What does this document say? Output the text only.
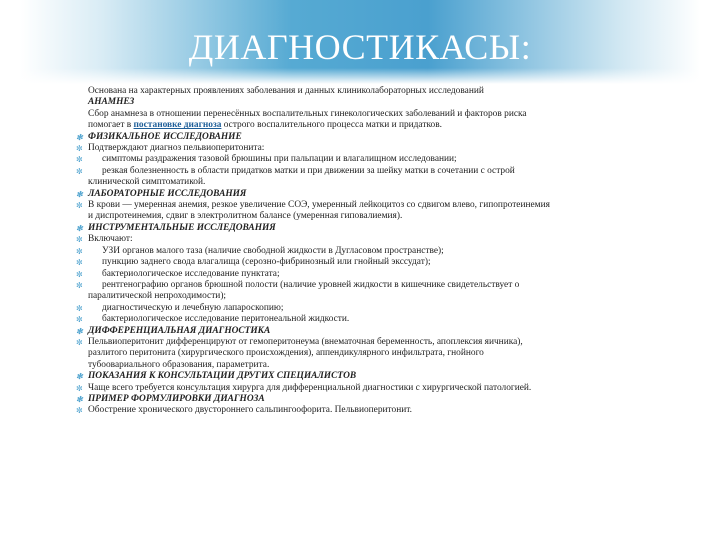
ДИАГНОСТИКАСЫ:
Основана на характерных проявлениях заболевания и данных клиниколабораторных исследований
АНАМНЕЗ
Сбор анамнеза в отношении перенесённых воспалительных гинекологических заболеваний и факторов риска
помогает в постановке диагноза острого воспалительного процесса матки и придатков.
✼ ФИЗИКАЛЬНОЕ ИССЛЕДОВАНИЕ
✼ Подтверждают диагноз пельвиоперитонита:
✼ симптомы раздражения тазовой брюшины при пальпации и влагалищном исследовании;
✼ резкая болезненность в области придатков матки и при движении за шейку матки в сочетании с острой
клинической симптоматикой.
✼ ЛАБОРАТОРНЫЕ ИССЛЕДОВАНИЯ
✼ В крови — умеренная анемия, резкое увеличение СОЭ, умеренный лейкоцитоз со сдвигом влево, гипопротеинемия
и диспротеинемия, сдвиг в электролитном балансе (умеренная гиповалиемия).
✼ ИНСТРУМЕНТАЛЬНЫЕ ИССЛЕДОВАНИЯ
✼ Включают:
✼ УЗИ органов малого таза (наличие свободной жидкости в Дугласовом пространстве);
✼ пункцию заднего свода влагалища (серозно-фибринозный или гнойный экссудат);
✼ бактериологическое исследование пунктата;
✼ рентгенографию органов брюшной полости (наличие уровней жидкости в кишечнике свидетельствует о
паралитической непроходимости);
✼ диагностическую и лечебную лапароскопию;
✼ бактериологическое исследование перитонеальной жидкости.
✼ ДИФФЕРЕНЦИАЛЬНАЯ ДИАГНОСТИКА
✼ Пельвиоперитонит дифференцируют от гемоперитонеума (внематочная беременность, апоплексия яичника),
разлитого перитонита (хирургического происхождения), аппендикулярного инфильтрата, гнойного
тубоовариального образования, параметрита.
✼ ПОКАЗАНИЯ К КОНСУЛЬТАЦИИ ДРУГИХ СПЕЦИАЛИСТОВ
✼ Чаще всего требуется консультация хирурга для дифференциальной диагностики с хирургической патологией.
✼ ПРИМЕР ФОРМУЛИРОВКИ ДИАГНОЗА
✼ Обострение хронического двустороннего сальпингоофорита. Пельвиоперитонит.
